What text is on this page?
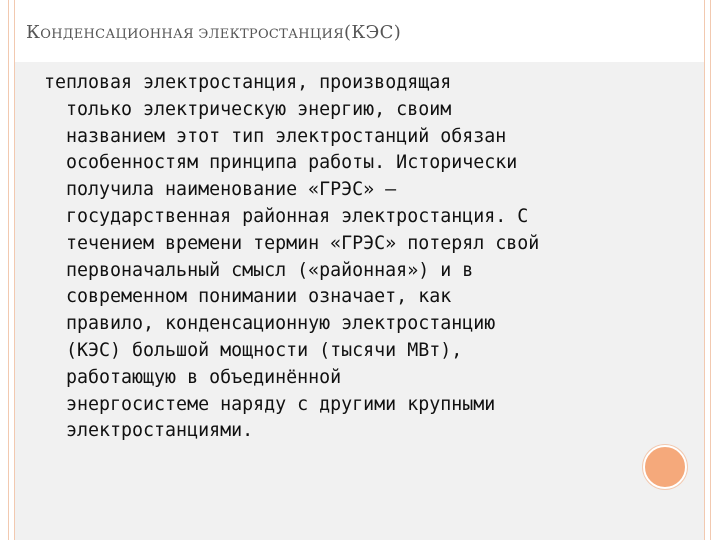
КОНДЕНСАЦИОННАЯ ЭЛЕКТРОСТАНЦИЯ(КЭС)
тепловая электростанция, производящая
только электрическую энергию, своим
названием этот тип электростанций обязан
особенностям принципа работы. Исторически
получила наименование «ГРЭС» —
государственная районная электростанция. С
течением времени термин «ГРЭС» потерял свой
первоначальный смысл («районная») и в
современном понимании означает, как
правило, конденсационную электростанцию
(КЭС) большой мощности (тысячи МВт),
работающую в объединённой
энергосистеме наряду с другими крупными
электростанциями.
